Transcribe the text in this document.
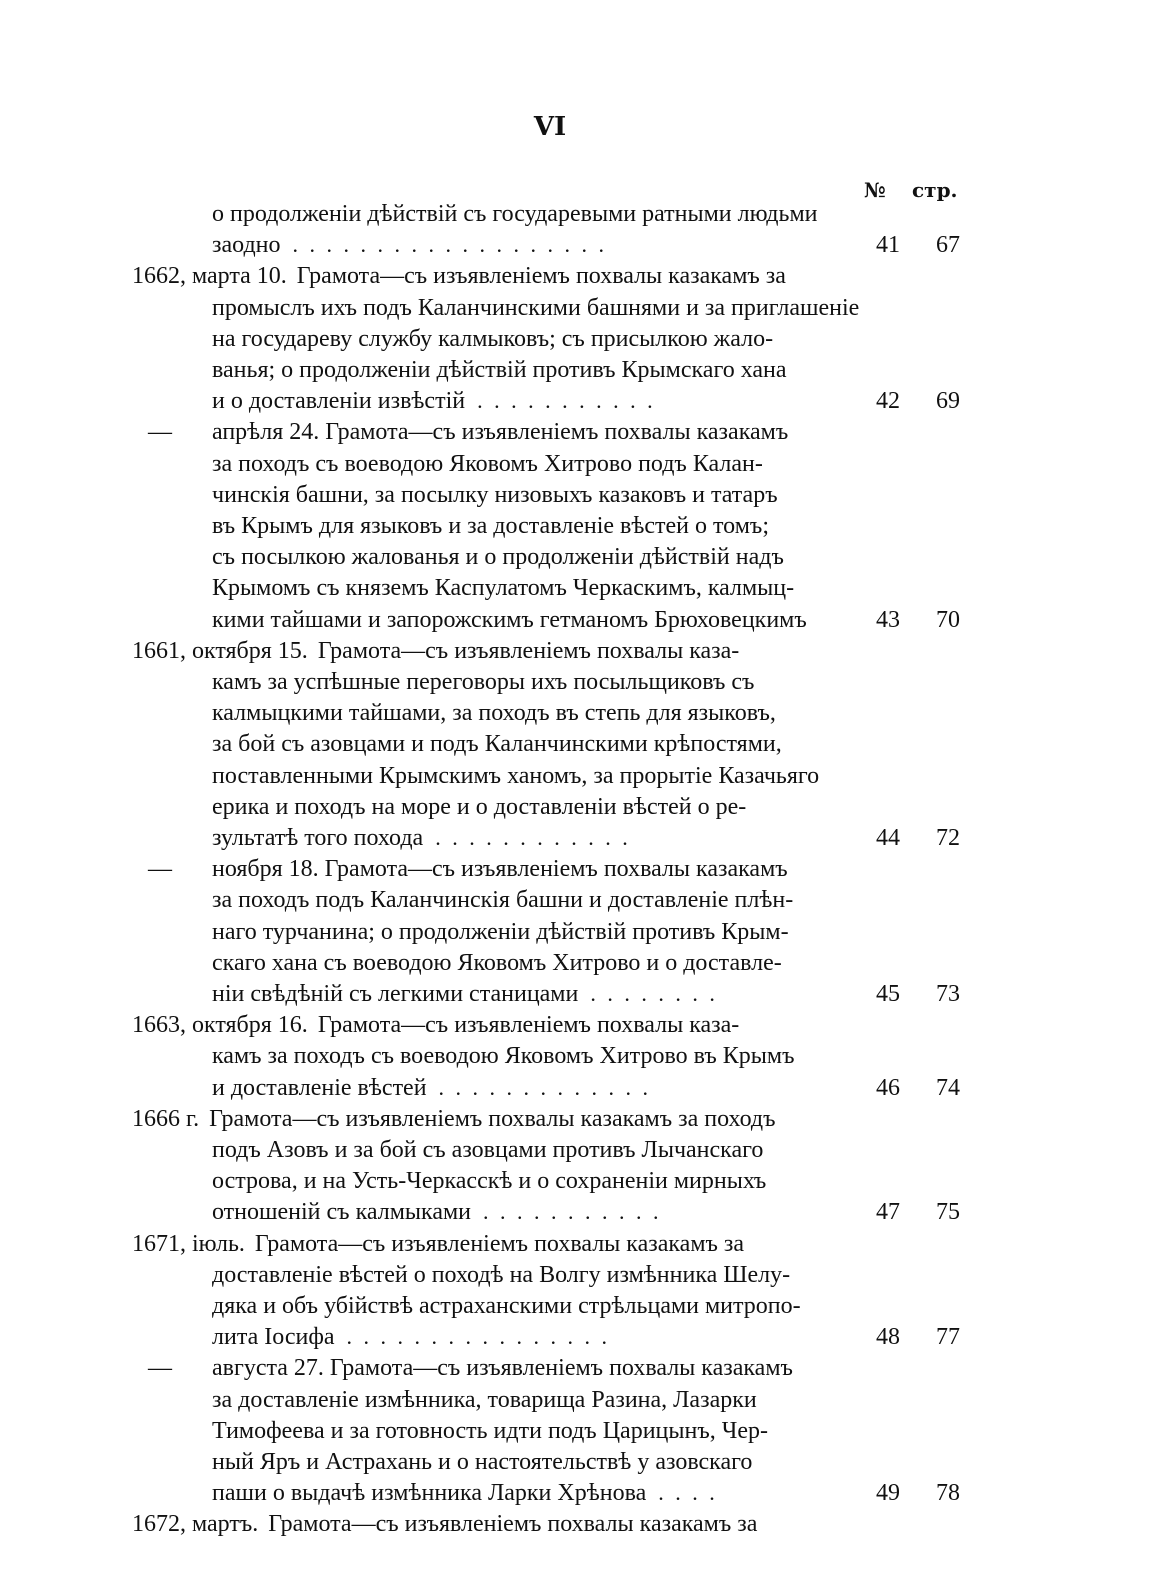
VI
№ стр.
о продолженіи дѣйствій съ государевыми ратными людьми
заодно . . . . . . . . . . . . . . . . . . .	41	67
1662, марта 10. Грамота—съ изъявленіемъ похвалы казакамъ за
промыслъ ихъ подъ Каланчинскими башнями и за приглашеніе
на государеву службу калмыковъ; съ присылкою жало-
ванья; о продолженіи дѣйствій противъ Крымскаго хана
и о доставленіи извѣстій . . . . . . . . . . .	42	69
— апрѣля 24. Грамота—съ изъявленіемъ похвалы казакамъ
за походъ съ воеводою Яковомъ Хитрово подъ Калан-
чинскія башни, за посылку низовыхъ казаковъ и татаръ
въ Крымъ для языковъ и за доставленіе вѣстей о томъ;
съ посылкою жалованья и о продолженіи дѣйствій надъ
Крымомъ съ княземъ Каспулатомъ Черкаскимъ, калмыц-
кими тайшами и запорожскимъ гетманомъ Брюховецкимъ	43	70
1661, октября 15. Грамота—съ изъявленіемъ похвалы каза-
камъ за успѣшные переговоры ихъ посыльщиковъ съ
калмыцкими тайшами, за походъ въ степь для языковъ,
за бой съ азовцами и подъ Каланчинскими крѣпостями,
поставленными Крымскимъ ханомъ, за прорытіе Казачьяго
ерика и походъ на море и о доставленіи вѣстей о ре-
зультатѣ того похода . . . . . . . . . . . .	44	72
— ноября 18. Грамота—съ изъявленіемъ похвалы казакамъ
за походъ подъ Каланчинскія башни и доставленіе плѣн-
наго турчанина; о продолженіи дѣйствій противъ Крым-
скаго хана съ воеводою Яковомъ Хитрово и о доставле-
ніи свѣдѣній съ легкими станицами . . . . . . . .	45	73
1663, октября 16. Грамота—съ изъявленіемъ похвалы каза-
камъ за походъ съ воеводою Яковомъ Хитрово въ Крымъ
и доставленіе вѣстей . . . . . . . . . . . . .	46	74
1666 г. Грамота—съ изъявленіемъ похвалы казакамъ за походъ
подъ Азовъ и за бой съ азовцами противъ Лычанскаго
острова, и на Усть-Черкасскѣ и о сохраненіи мирныхъ
отношеній съ калмыками . . . . . . . . . . .	47	75
1671, іюль. Грамота—съ изъявленіемъ похвалы казакамъ за
доставленіе вѣстей о походѣ на Волгу измѣнника Шелу-
дяка и объ убійствѣ астраханскими стрѣльцами митропо-
лита Іосифа . . . . . . . . . . . . . . . .	48	77
— августа 27. Грамота—съ изъявленіемъ похвалы казакамъ
за доставленіе измѣнника, товарища Разина, Лазарки
Тимофеева и за готовность идти подъ Царицынъ, Чер-
ный Яръ и Астрахань и о настоятельствѣ у азовскаго
паши о выдачѣ измѣнника Ларки Хрѣнова . . . .	49	78
1672, мартъ. Грамота—съ изъявленіемъ похвалы казакамъ за
